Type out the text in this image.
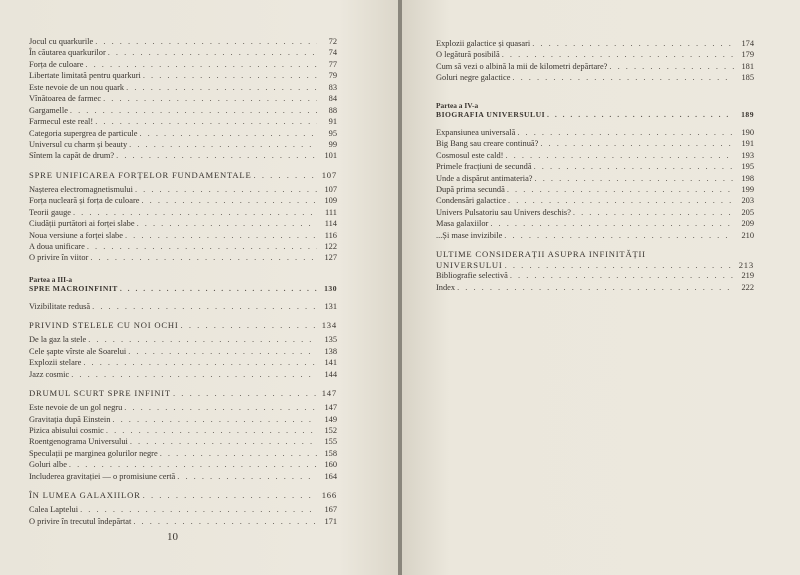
Jocul cu quarkurile . . .	72
În căutarea quarkurilor . . .	74
Forța de culoare . . .	77
Libertate limitată pentru quarkuri . . .	79
Este nevoie de un nou quark . . .	83
Vînătoarea de farmec . . .	84
Gargamelle . . .	88
Farmecul este real! . . .	91
Categoria supergrea de particule . . .	95
Universul cu charm și beauty . . .	99
Sîntem la capăt de drum? . . .	101
SPRE UNIFICAREA FORȚELOR FUNDAMENTALE . . .	107
Nașterea electromagnetismului . . .	107
Forța nucleară și forța de culoare . . .	109
Teorii gauge . . .	111
Ciudății purtători ai forței slabe . . .	114
Noua versiune a forței slabe . . .	116
A doua unificare . . .	122
O privire în viitor . . .	127
Partea a III-a
SPRE MACROINFINIT . . .	130
Vizibilitate redusă . . .	131
PRIVIND STELELE CU NOI OCHI . . .	134
De la gaz la stele . . .	135
Cele șapte vîrste ale Soarelui . . .	138
Explozii stelare . . .	141
Jazz cosmic . . .	144
DRUMUL SCURT SPRE INFINIT . . .	147
Este nevoie de un gol negru . . .	147
Gravitația după Einstein . . .	149
Pizica abisului cosmic . . .	152
Roentgenograma Universului . . .	155
Speculații pe marginea golurilor negre . . .	158
Goluri albe . . .	160
Includerea gravitației — o promisiune certă . . .	164
ÎN LUMEA GALAXIILOR . . .	166
Calea Laptelui . . .	167
O privire în trecutul îndepărtat . . .	171
10
Explozii galactice și quasari . . .	174
O legătură posibilă . . .	179
Cum să vezi o albină la mii de kilometri depărtare? . . .	181
Goluri negre galactice . . .	185
Partea a IV-a
BIOGRAFIA UNIVERSULUI . . .	189
Expansiunea universală . . .	190
Big Bang sau creare continuă? . . .	191
Cosmosul este cald! . . .	193
Primele fracțiuni de secundă . . .	195
Unde a dispărut antimateria? . . .	198
După prima secundă . . .	199
Condensări galactice . . .	203
Univers Pulsatoriu sau Univers deschis? . . .	205
Masa galaxiilor . . .	209
...Și mase invizibile . . .	210
ULTIME CONSIDERAȚII ASUPRA INFINITĂȚII
UNIVERSULUI . . .	213
Bibliografie selectivă . . .	219
Index . . .	222
